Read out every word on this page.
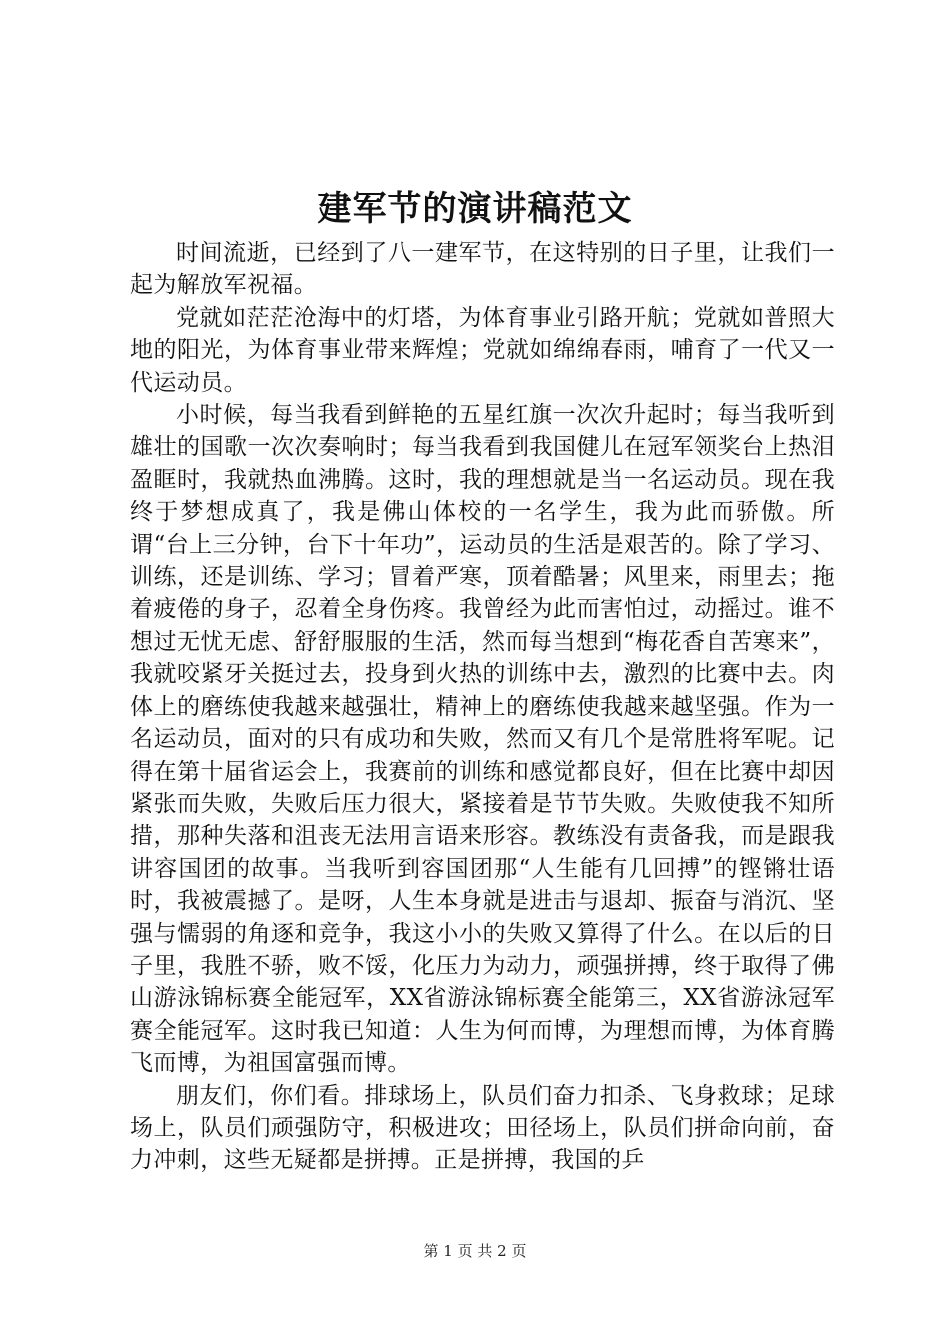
建军节的演讲稿范文

时间流逝，已经到了八一建军节，在这特别的日子里，让我们一起为解放军祝福。

党就如茫茫沧海中的灯塔，为体育事业引路开航；党就如普照大地的阳光，为体育事业带来辉煌；党就如绵绵春雨，哺育了一代又一代运动员。

小时候，每当我看到鲜艳的五星红旗一次次升起时；每当我听到雄壮的国歌一次次奏响时；每当我看到我国健儿在冠军领奖台上热泪盈眶时，我就热血沸腾。这时，我的理想就是当一名运动员。现在我终于梦想成真了，我是佛山体校的一名学生，我为此而骄傲。所谓“台上三分钟，台下十年功”，运动员的生活是艰苦的。除了学习、训练，还是训练、学习；冒着严寒，顶着酷暑；风里来，雨里去；拖着疲倦的身子，忍着全身伤疼。我曾经为此而害怕过，动摇过。谁不想过无忧无虑、舒舒服服的生活，然而每当想到“梅花香自苦寒来”，我就咬紧牙关挺过去，投身到火热的训练中去，激烈的比赛中去。肉体上的磨练使我越来越强壮，精神上的磨练使我越来越坚强。作为一名运动员，面对的只有成功和失败，然而又有几个是常胜将军呢。记得在第十届省运会上，我赛前的训练和感觉都良好，但在比赛中却因紧张而失败，失败后压力很大，紧接着是节节失败。失败使我不知所措，那种失落和沮丧无法用言语来形容。教练没有责备我，而是跟我讲容国团的故事。当我听到容国团那“人生能有几回搏”的铿锵壮语时，我被震撼了。是呀，人生本身就是进击与退却、振奋与消沉、坚强与懦弱的角逐和竞争，我这小小的失败又算得了什么。在以后的日子里，我胜不骄，败不馁，化压力为动力，顽强拼搏，终于取得了佛山游泳锦标赛全能冠军，XX省游泳锦标赛全能第三，XX省游泳冠军赛全能冠军。这时我已知道：人生为何而博，为理想而博，为体育腾飞而博，为祖国富强而博。

朋友们，你们看。排球场上，队员们奋力扣杀、飞身救球；足球场上，队员们顽强防守，积极进攻；田径场上，队员们拼命向前，奋力冲刺，这些无疑都是拼搏。正是拼搏，我国的乒

第 1 页 共 2 页
